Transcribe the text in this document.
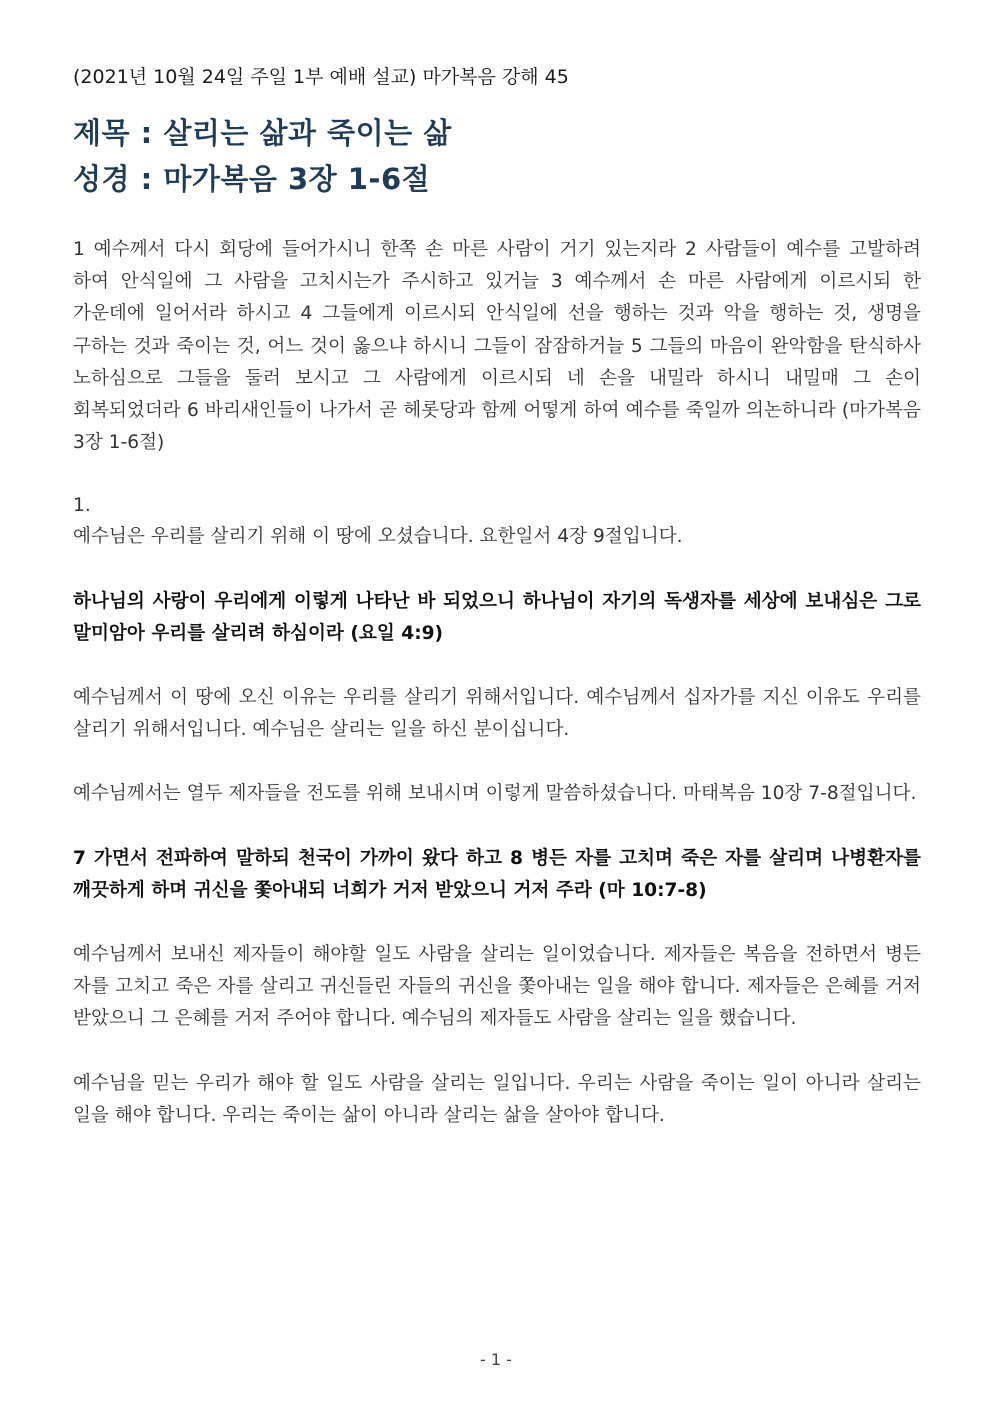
(2021년 10월 24일 주일 1부 예배 설교) 마가복음 강해 45

제목 : 살리는 삶과 죽이는 삶
성경 : 마가복음 3장 1-6절

1 예수께서 다시 회당에 들어가시니 한쪽 손 마른 사람이 거기 있는지라 2 사람들이 예수를 고발하려 하여 안식일에 그 사람을 고치시는가 주시하고 있거늘 3 예수께서 손 마른 사람에게 이르시되 한 가운데에 일어서라 하시고 4 그들에게 이르시되 안식일에 선을 행하는 것과 악을 행하는 것, 생명을 구하는 것과 죽이는 것, 어느 것이 옳으냐 하시니 그들이 잠잠하거늘 5 그들의 마음이 완악함을 탄식하사 노하심으로 그들을 둘러 보시고 그 사람에게 이르시되 네 손을 내밀라 하시니 내밀매 그 손이 회복되었더라 6 바리새인들이 나가서 곧 헤롯당과 함께 어떻게 하여 예수를 죽일까 의논하니라 (마가복음 3장 1-6절)

1.

예수님은 우리를 살리기 위해 이 땅에 오셨습니다. 요한일서 4장 9절입니다.

하나님의 사랑이 우리에게 이렇게 나타난 바 되었으니 하나님이 자기의 독생자를 세상에 보내심은 그로 말미암아 우리를 살리려 하심이라 (요일 4:9)

예수님께서 이 땅에 오신 이유는 우리를 살리기 위해서입니다. 예수님께서 십자가를 지신 이유도 우리를 살리기 위해서입니다. 예수님은 살리는 일을 하신 분이십니다.

예수님께서는 열두 제자들을 전도를 위해 보내시며 이렇게 말씀하셨습니다. 마태복음 10장 7-8절입니다.

7 가면서 전파하여 말하되 천국이 가까이 왔다 하고 8 병든 자를 고치며 죽은 자를 살리며 나병환자를 깨끗하게 하며 귀신을 쫓아내되 너희가 거저 받았으니 거저 주라 (마 10:7-8)

예수님께서 보내신 제자들이 해야할 일도 사람을 살리는 일이었습니다. 제자들은 복음을 전하면서 병든 자를 고치고 죽은 자를 살리고 귀신들린 자들의 귀신을 쫓아내는 일을 해야 합니다. 제자들은 은혜를 거저 받았으니 그 은혜를 거저 주어야 합니다. 예수님의 제자들도 사람을 살리는 일을 했습니다.

예수님을 믿는 우리가 해야 할 일도 사람을 살리는 일입니다. 우리는 사람을 죽이는 일이 아니라 살리는 일을 해야 합니다. 우리는 죽이는 삶이 아니라 살리는 삶을 살아야 합니다.

- 1 -
